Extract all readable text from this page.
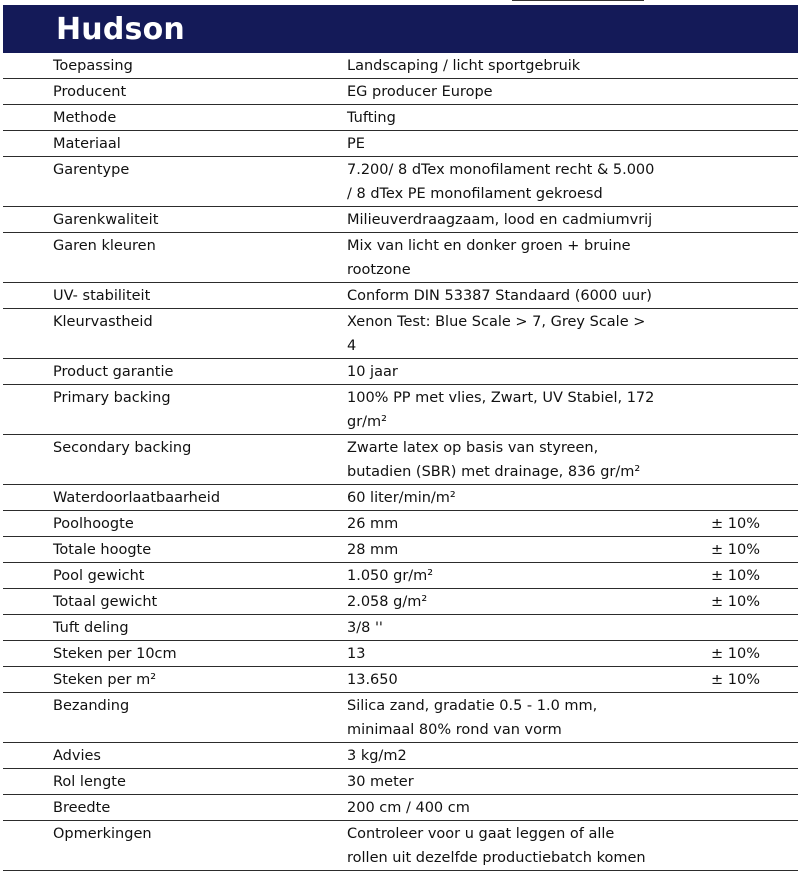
Hudson
Toepassing	Landscaping / licht sportgebruik	
Producent	EG producer Europe	
Methode	Tufting	
Materiaal	PE	
Garentype	7.200/ 8 dTex monofilament recht & 5.000 / 8 dTex PE monofilament gekroesd	
Garenkwaliteit	Milieuverdraagzaam, lood en cadmiumvrij	
Garen kleuren	Mix van licht en donker groen + bruine rootzone	
UV- stabiliteit	Conform DIN 53387 Standaard (6000 uur)	
Kleurvastheid	Xenon Test: Blue Scale > 7, Grey Scale > 4	
Product garantie	10 jaar	
Primary backing	100% PP met vlies, Zwart, UV Stabiel, 172 gr/m²	
Secondary backing	Zwarte latex op basis van styreen, butadien (SBR) met drainage, 836 gr/m²	
Waterdoorlaatbaarheid	60 liter/min/m²	
Poolhoogte	26 mm	± 10%
Totale hoogte	28 mm	± 10%
Pool gewicht	1.050 gr/m²	± 10%
Totaal gewicht	2.058 g/m²	± 10%
Tuft deling	3/8 ''	
Steken per 10cm	13	± 10%
Steken per m²	13.650	± 10%
Bezanding	Silica zand, gradatie 0.5 - 1.0 mm, minimaal 80% rond van vorm	
Advies	3 kg/m2	
Rol lengte	30 meter	
Breedte	200 cm / 400 cm	
Opmerkingen	Controleer voor u gaat leggen of alle rollen uit dezelfde productiebatch komen	
